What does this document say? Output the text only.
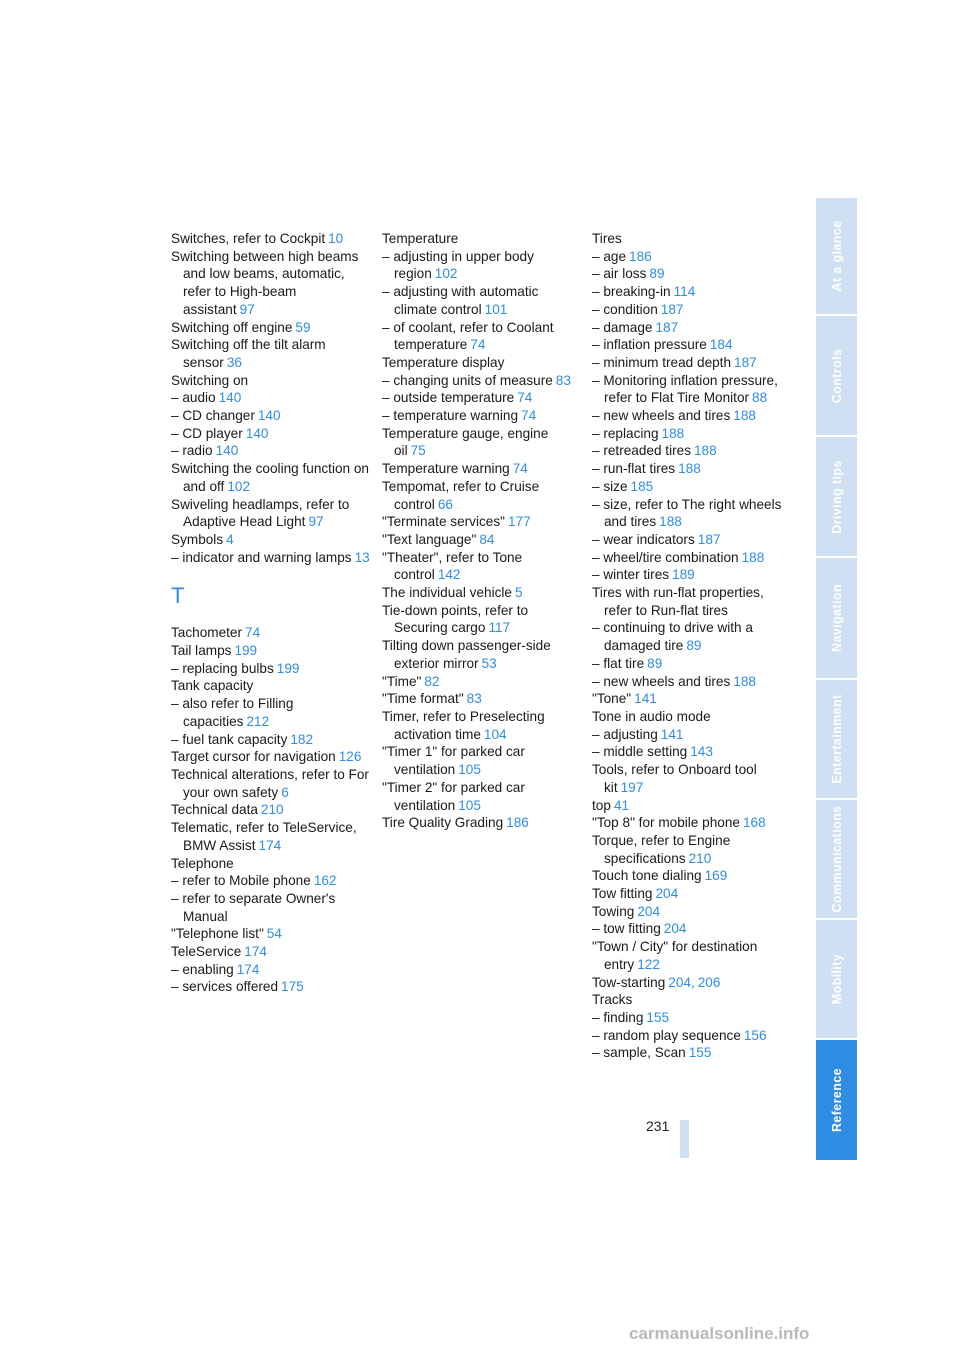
Switches, refer to Cockpit 10
Switching between high beams and low beams, automatic, refer to High-beam assistant 97
Switching off engine 59
Switching off the tilt alarm sensor 36
Switching on
– audio 140
– CD changer 140
– CD player 140
– radio 140
Switching the cooling function on and off 102
Swiveling headlamps, refer to Adaptive Head Light 97
Symbols 4
– indicator and warning lamps 13
T
Tachometer 74
Tail lamps 199
– replacing bulbs 199
Tank capacity
– also refer to Filling capacities 212
– fuel tank capacity 182
Target cursor for navigation 126
Technical alterations, refer to For your own safety 6
Technical data 210
Telematic, refer to TeleService, BMW Assist 174
Telephone
– refer to Mobile phone 162
– refer to separate Owner's Manual
"Telephone list" 54
TeleService 174
– enabling 174
– services offered 175
Temperature
– adjusting in upper body region 102
– adjusting with automatic climate control 101
– of coolant, refer to Coolant temperature 74
Temperature display
– changing units of measure 83
– outside temperature 74
– temperature warning 74
Temperature gauge, engine oil 75
Temperature warning 74
Tempomat, refer to Cruise control 66
"Terminate services" 177
"Text language" 84
"Theater", refer to Tone control 142
The individual vehicle 5
Tie-down points, refer to Securing cargo 117
Tilting down passenger-side exterior mirror 53
"Time" 82
"Time format" 83
Timer, refer to Preselecting activation time 104
"Timer 1" for parked car ventilation 105
"Timer 2" for parked car ventilation 105
Tire Quality Grading 186
Tires
– age 186
– air loss 89
– breaking-in 114
– condition 187
– damage 187
– inflation pressure 184
– minimum tread depth 187
– Monitoring inflation pressure, refer to Flat Tire Monitor 88
– new wheels and tires 188
– replacing 188
– retreaded tires 188
– run-flat tires 188
– size 185
– size, refer to The right wheels and tires 188
– wear indicators 187
– wheel/tire combination 188
– winter tires 189
Tires with run-flat properties, refer to Run-flat tires
– continuing to drive with a damaged tire 89
– flat tire 89
– new wheels and tires 188
"Tone" 141
Tone in audio mode
– adjusting 141
– middle setting 143
Tools, refer to Onboard tool kit 197
top 41
"Top 8" for mobile phone 168
Torque, refer to Engine specifications 210
Touch tone dialing 169
Tow fitting 204
Towing 204
– tow fitting 204
"Town / City" for destination entry 122
Tow-starting 204, 206
Tracks
– finding 155
– random play sequence 156
– sample, Scan 155
231
At a glance
Controls
Driving tips
Navigation
Entertainment
Communications
Mobility
Reference
carmanualsonline.info
